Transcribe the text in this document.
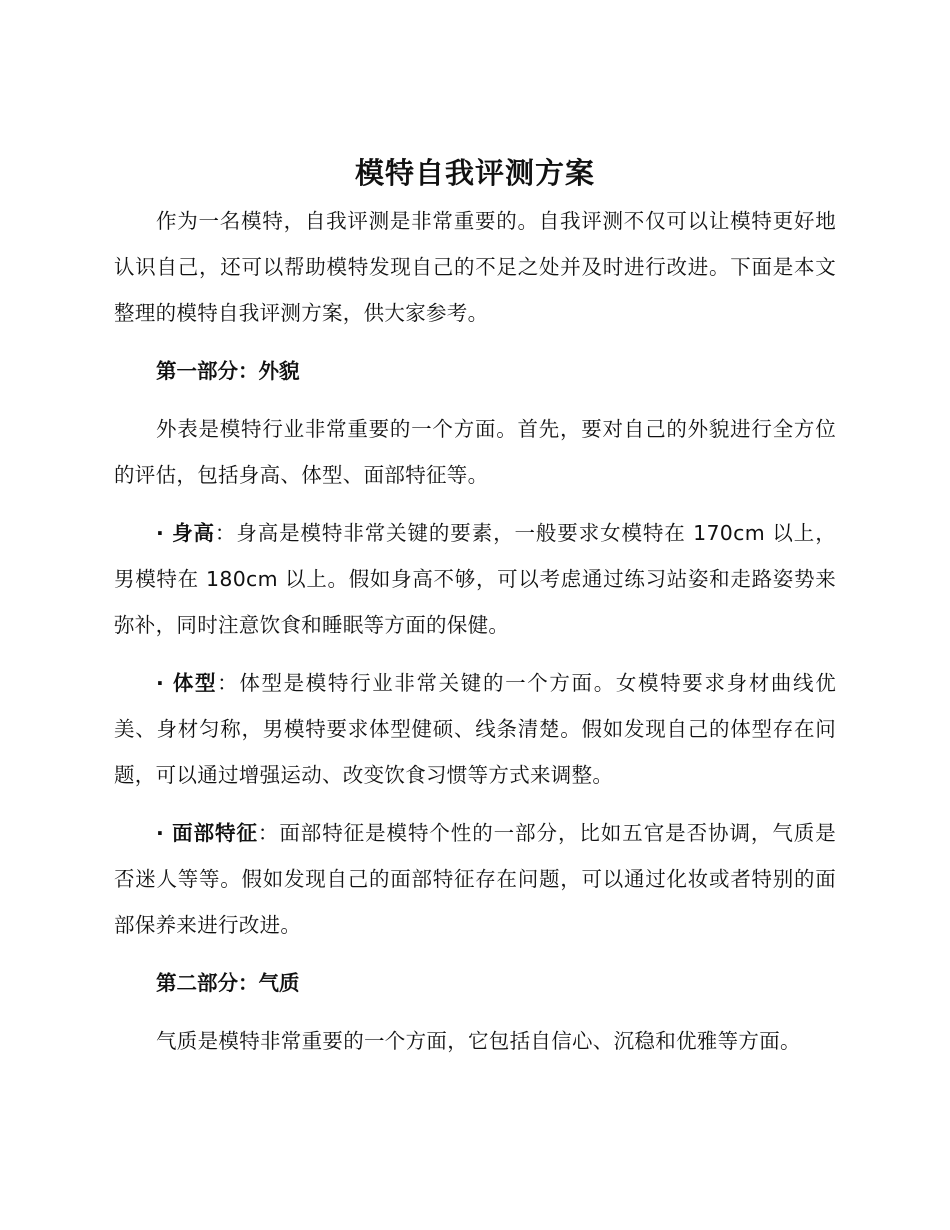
模特自我评测方案

作为一名模特，自我评测是非常重要的。自我评测不仅可以让模特更好地认识自己，还可以帮助模特发现自己的不足之处并及时进行改进。下面是本文整理的模特自我评测方案，供大家参考。

第一部分：外貌

外表是模特行业非常重要的一个方面。首先，要对自己的外貌进行全方位的评估，包括身高、体型、面部特征等。

· 身高：身高是模特非常关键的要素，一般要求女模特在 170cm 以上，男模特在 180cm 以上。假如身高不够，可以考虑通过练习站姿和走路姿势来弥补，同时注意饮食和睡眠等方面的保健。

· 体型：体型是模特行业非常关键的一个方面。女模特要求身材曲线优美、身材匀称，男模特要求体型健硕、线条清楚。假如发现自己的体型存在问题，可以通过增强运动、改变饮食习惯等方式来调整。

· 面部特征：面部特征是模特个性的一部分，比如五官是否协调，气质是否迷人等等。假如发现自己的面部特征存在问题，可以通过化妆或者特别的面部保养来进行改进。

第二部分：气质

气质是模特非常重要的一个方面，它包括自信心、沉稳和优雅等方面。
